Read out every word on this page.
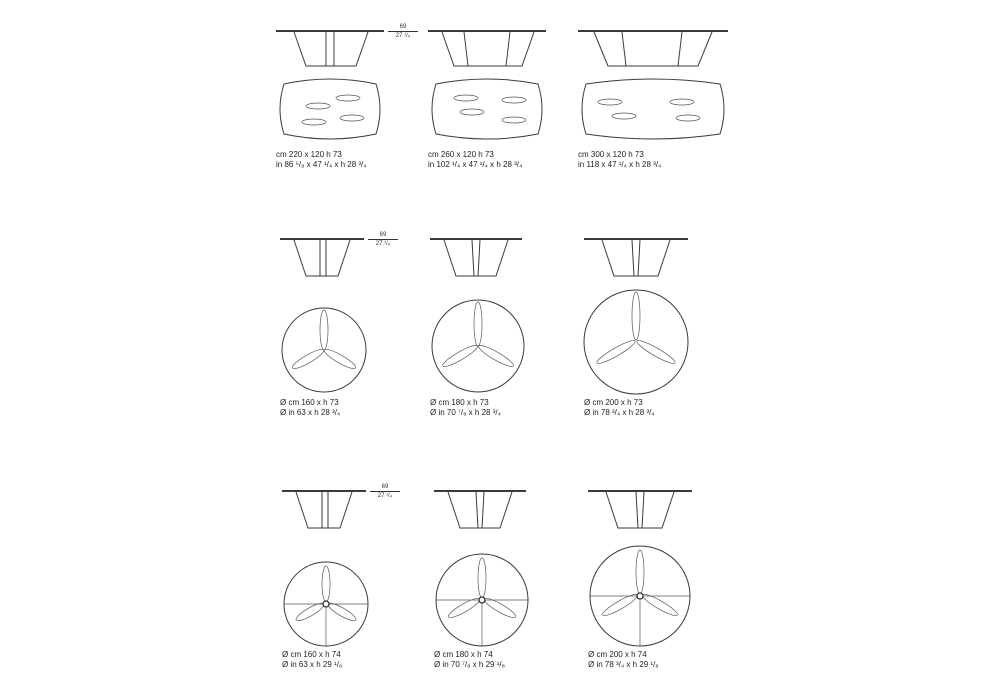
69
27 ¹/₄
cm 220 x 120 h 73
in 86 ⁵/₈ x 47 ¹/₄ x h 28 ³/₄
cm 260 x 120 h 73
in 102 ¹/₄ x 47 ¹/₄ x h 28 ³/₄
cm 300 x 120 h 73
in 118 x 47 ¹/₄ x h 28 ³/₄
69
27 ¹/₄
Ø cm 160 x h 73
Ø in 63 x h 28 ³/₄
Ø cm 180 x h 73
Ø in 70 ⁷/₈ x h 28 ³/₄
Ø cm 200 x h 73
Ø in 78 ³/₄ x h 28 ³/₄
69
27 ¹/₄
Ø cm 160 x h 74
Ø in 63 x h 29 ¹/₈
Ø cm 180 x h 74
Ø in 70 ⁷/₈ x h 29 ¹/₈
Ø cm 200 x h 74
Ø in 78 ³/₄ x h 29 ¹/₈
